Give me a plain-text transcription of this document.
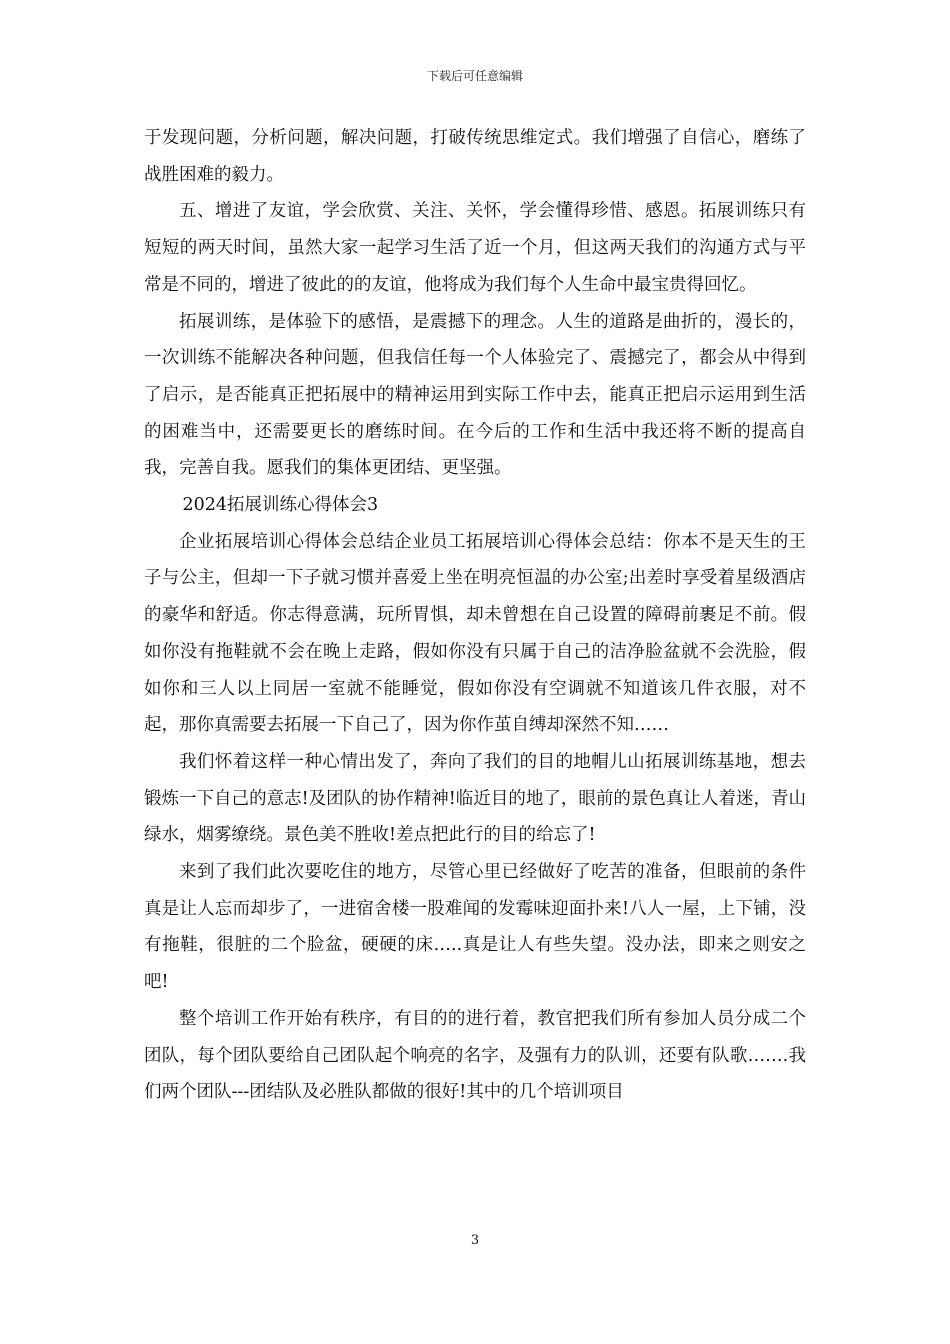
下载后可任意编辑

于发现问题，分析问题，解决问题，打破传统思维定式。我们增强了自信心，磨练了战胜困难的毅力。

五、增进了友谊，学会欣赏、关注、关怀，学会懂得珍惜、感恩。拓展训练只有短短的两天时间，虽然大家一起学习生活了近一个月，但这两天我们的沟通方式与平常是不同的，增进了彼此的的友谊，他将成为我们每个人生命中最宝贵得回忆。

拓展训练，是体验下的感悟，是震撼下的理念。人生的道路是曲折的，漫长的，一次训练不能解决各种问题，但我信任每一个人体验完了、震撼完了，都会从中得到了启示，是否能真正把拓展中的精神运用到实际工作中去，能真正把启示运用到生活的困难当中，还需要更长的磨练时间。在今后的工作和生活中我还将不断的提高自我，完善自我。愿我们的集体更团结、更坚强。

2024拓展训练心得体会3

企业拓展培训心得体会总结企业员工拓展培训心得体会总结：你本不是天生的王子与公主，但却一下子就习惯并喜爱上坐在明亮恒温的办公室;出差时享受着星级酒店的豪华和舒适。你志得意满，玩所胃惧，却未曾想在自己设置的障碍前裹足不前。假如你没有拖鞋就不会在晚上走路，假如你没有只属于自己的洁净脸盆就不会洗脸，假如你和三人以上同居一室就不能睡觉，假如你没有空调就不知道该几件衣服，对不起，那你真需要去拓展一下自己了，因为你作茧自缚却深然不知……

我们怀着这样一种心情出发了，奔向了我们的目的地帽儿山拓展训练基地，想去锻炼一下自己的意志!及团队的协作精神!临近目的地了，眼前的景色真让人着迷，青山绿水，烟雾缭绕。景色美不胜收!差点把此行的目的给忘了!

来到了我们此次要吃住的地方，尽管心里已经做好了吃苦的准备，但眼前的条件真是让人忘而却步了，一进宿舍楼一股难闻的发霉味迎面扑来!八人一屋，上下铺，没有拖鞋，很脏的二个脸盆，硬硬的床…..真是让人有些失望。没办法，即来之则安之吧!

整个培训工作开始有秩序，有目的的进行着，教官把我们所有参加人员分成二个团队，每个团队要给自己团队起个响亮的名字，及强有力的队训，还要有队歌…….我们两个团队---团结队及必胜队都做的很好!其中的几个培训项目

3
